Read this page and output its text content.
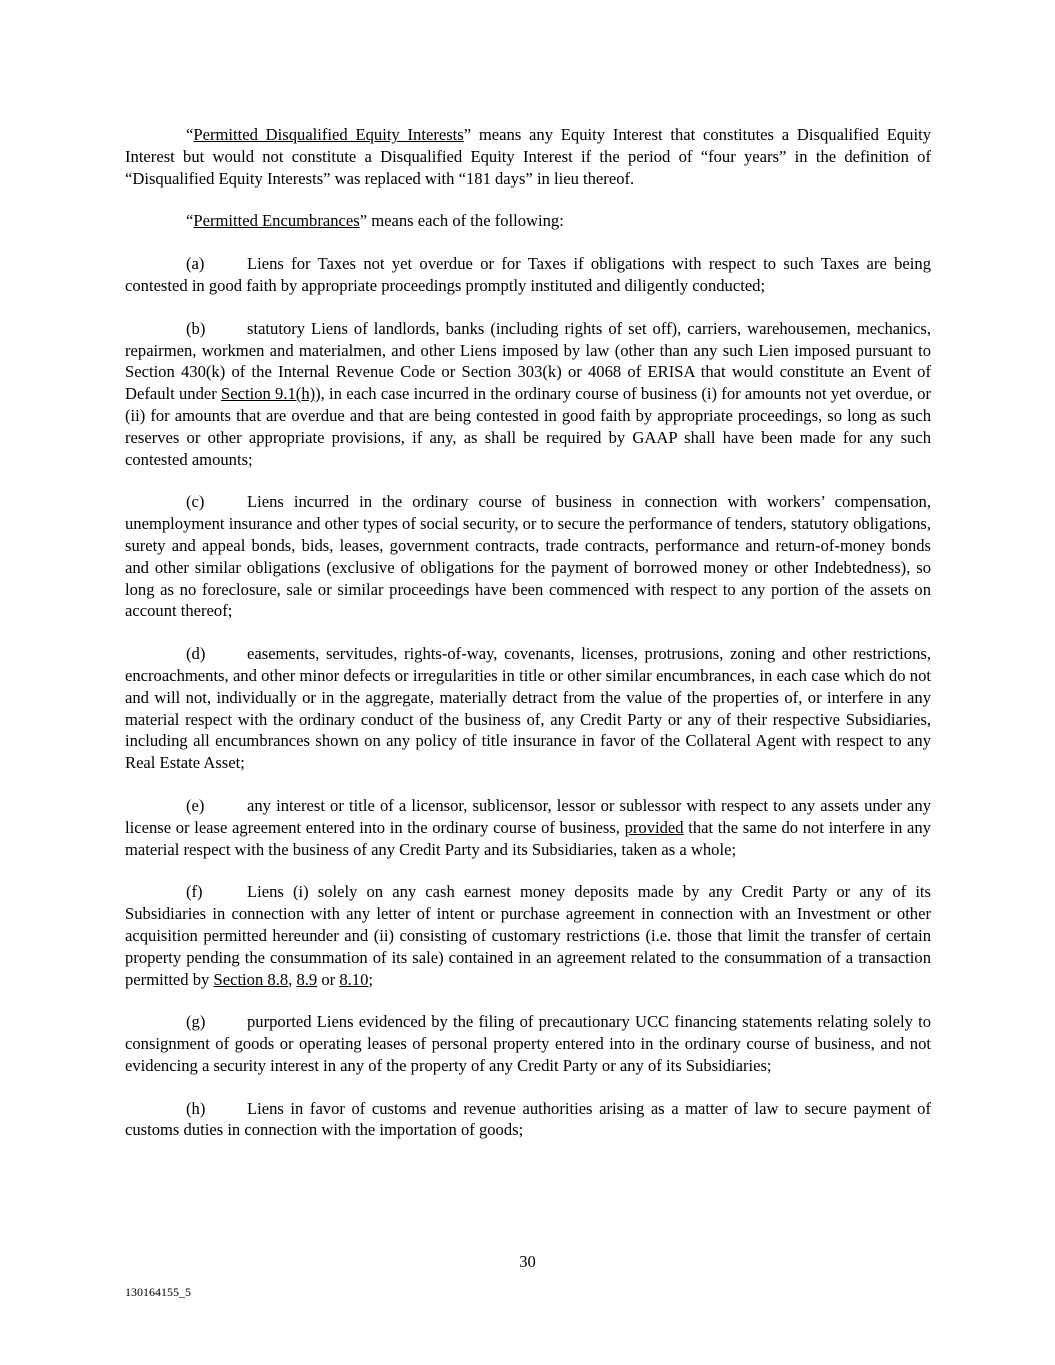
“Permitted Disqualified Equity Interests” means any Equity Interest that constitutes a Disqualified Equity Interest but would not constitute a Disqualified Equity Interest if the period of “four years” in the definition of “Disqualified Equity Interests” was replaced with “181 days” in lieu thereof.

“Permitted Encumbrances” means each of the following:

(a)	Liens for Taxes not yet overdue or for Taxes if obligations with respect to such Taxes are being contested in good faith by appropriate proceedings promptly instituted and diligently conducted;

(b)	statutory Liens of landlords, banks (including rights of set off), carriers, warehousemen, mechanics, repairmen, workmen and materialmen, and other Liens imposed by law (other than any such Lien imposed pursuant to Section 430(k) of the Internal Revenue Code or Section 303(k) or 4068 of ERISA that would constitute an Event of Default under Section 9.1(h)), in each case incurred in the ordinary course of business (i) for amounts not yet overdue, or (ii) for amounts that are overdue and that are being contested in good faith by appropriate proceedings, so long as such reserves or other appropriate provisions, if any, as shall be required by GAAP shall have been made for any such contested amounts;

(c)	Liens incurred in the ordinary course of business in connection with workers’ compensation, unemployment insurance and other types of social security, or to secure the performance of tenders, statutory obligations, surety and appeal bonds, bids, leases, government contracts, trade contracts, performance and return-of-money bonds and other similar obligations (exclusive of obligations for the payment of borrowed money or other Indebtedness), so long as no foreclosure, sale or similar proceedings have been commenced with respect to any portion of the assets on account thereof;

(d)	easements, servitudes, rights-of-way, covenants, licenses, protrusions, zoning and other restrictions, encroachments, and other minor defects or irregularities in title or other similar encumbrances, in each case which do not and will not, individually or in the aggregate, materially detract from the value of the properties of, or interfere in any material respect with the ordinary conduct of the business of, any Credit Party or any of their respective Subsidiaries, including all encumbrances shown on any policy of title insurance in favor of the Collateral Agent with respect to any Real Estate Asset;

(e)	any interest or title of a licensor, sublicensor, lessor or sublessor with respect to any assets under any license or lease agreement entered into in the ordinary course of business, provided that the same do not interfere in any material respect with the business of any Credit Party and its Subsidiaries, taken as a whole;

(f)	Liens (i) solely on any cash earnest money deposits made by any Credit Party or any of its Subsidiaries in connection with any letter of intent or purchase agreement in connection with an Investment or other acquisition permitted hereunder and (ii) consisting of customary restrictions (i.e. those that limit the transfer of certain property pending the consummation of its sale) contained in an agreement related to the consummation of a transaction permitted by Section 8.8, 8.9 or 8.10;

(g)	purported Liens evidenced by the filing of precautionary UCC financing statements relating solely to consignment of goods or operating leases of personal property entered into in the ordinary course of business, and not evidencing a security interest in any of the property of any Credit Party or any of its Subsidiaries;

(h)	Liens in favor of customs and revenue authorities arising as a matter of law to secure payment of customs duties in connection with the importation of goods;

30
130164155_5
